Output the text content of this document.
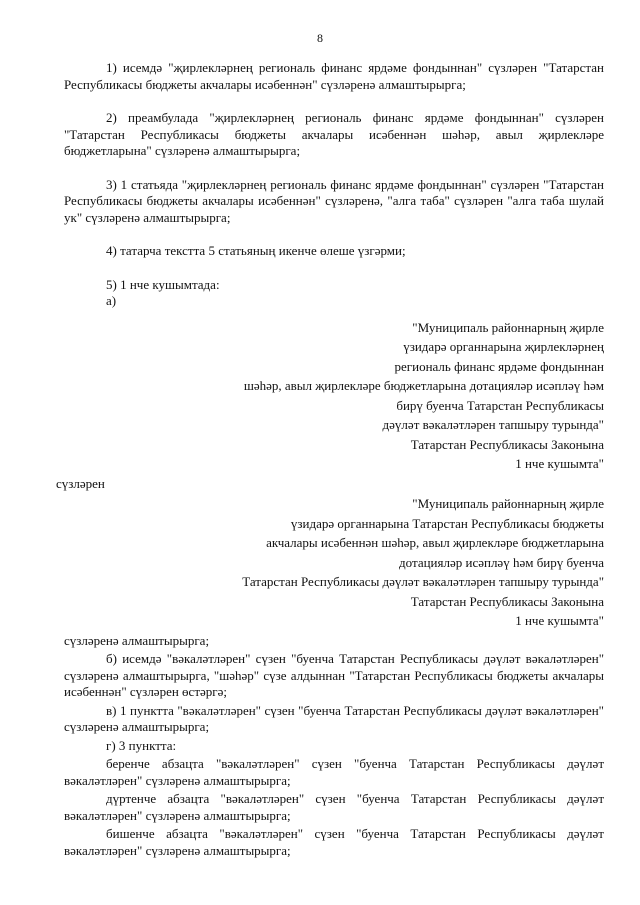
8

1) исемдә "җирлекләрнең региональ финанс ярдәме фондыннан" сүзләрен "Татарстан Республикасы бюджеты акчалары исәбеннән" сүзләренә алмаштырырга;

2) преамбулада "җирлекләрнең региональ финанс ярдәме фондыннан" сүзләрен "Татарстан Республикасы бюджеты акчалары исәбеннән шәһәр, авыл җирлекләре бюджетларына" сүзләренә алмаштырырга;

3) 1 статьяда "җирлекләрнең региональ финанс ярдәме фондыннан" сүзләрен "Татарстан Республикасы бюджеты акчалары исәбеннән" сүзләренә, "алга таба" сүзләрен "алга таба шулай ук" сүзләренә алмаштырырга;

4) татарча текстта 5 статьяның икенче өлеше үзгәрми;

5) 1 нче кушымтада:

а)

"Муниципаль районнарның җирле
үзидарә органнарына җирлекләрнең
региональ финанс ярдәме фондыннан
шәһәр, авыл җирлекләре бюджетларына дотацияләр исәпләү һәм
бирү буенча Татарстан Республикасы
дәүләт вәкаләтләрен тапшыру турында"
Татарстан Республикасы Законына
1 нче кушымта"

сүзләрен

"Муниципаль районнарның җирле
үзидарә органнарына Татарстан Республикасы бюджеты
акчалары исәбеннән шәһәр, авыл җирлекләре бюджетларына
дотацияләр исәпләү һәм бирү буенча
Татарстан Республикасы дәүләт вәкаләтләрен тапшыру турында"
Татарстан Республикасы Законына
1 нче кушымта"

сүзләренә алмаштырырга;

б) исемдә "вәкаләтләрен" сүзен "буенча Татарстан Республикасы дәүләт вәкаләтләрен" сүзләренә алмаштырырга, "шәһәр" сүзе алдыннан "Татарстан Республикасы бюджеты акчалары исәбеннән" сүзләрен өстәргә;

в) 1 пунктта "вәкаләтләрен" сүзен "буенча Татарстан Республикасы дәүләт вәкаләтләрен" сүзләренә алмаштырырга;

г) 3 пунктта:

беренче абзацта "вәкаләтләрен" сүзен "буенча Татарстан Республикасы дәүләт вәкаләтләрен" сүзләренә алмаштырырга;

дүртенче абзацта "вәкаләтләрен" сүзен "буенча Татарстан Республикасы дәүләт вәкаләтләрен" сүзләренә алмаштырырга;

бишенче абзацта "вәкаләтләрен" сүзен "буенча Татарстан Республикасы дәүләт вәкаләтләрен" сүзләренә алмаштырырга;
